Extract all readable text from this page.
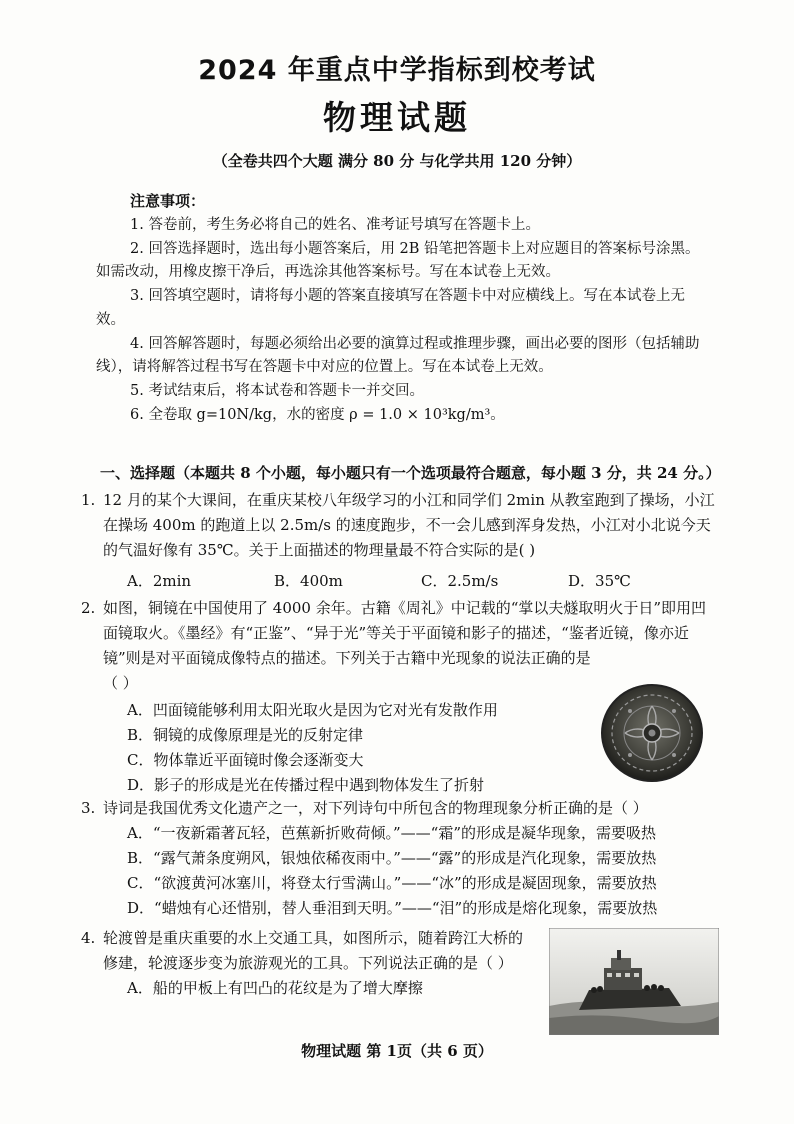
2024 年重点中学指标到校考试
物理试题
（全卷共四个大题 满分 80 分 与化学共用 120 分钟）
注意事项：

1. 答卷前，考生务必将自己的姓名、准考证号填写在答题卡上。

2. 回答选择题时，选出每小题答案后，用 2B 铅笔把答题卡上对应题目的答案标号涂黑。如需改动，用橡皮擦干净后，再选涂其他答案标号。写在本试卷上无效。

3. 回答填空题时，请将每小题的答案直接填写在答题卡中对应横线上。写在本试卷上无效。

4. 回答解答题时，每题必须给出必要的演算过程或推理步骤，画出必要的图形（包括辅助线），请将解答过程书写在答题卡中对应的位置上。写在本试卷上无效。

5. 考试结束后，将本试卷和答题卡一并交回。

6. 全卷取 g=10N/kg，水的密度 ρ = 1.0 × 10³kg/m³。

一、选择题（本题共 8 个小题，每小题只有一个选项最符合题意，每小题 3 分，共 24 分。）

1. 12 月的某个大课间，在重庆某校八年级学习的小江和同学们 2min 从教室跑到了操场，小江在操场 400m 的跑道上以 2.5m/s 的速度跑步，不一会儿感到浑身发热，小江对小北说今天的气温好像有 35℃。关于上面描述的物理量最不符合实际的是( )

A．2min	B．400m	C．2.5m/s	D．35℃

2. 如图，铜镜在中国使用了 4000 余年。古籍《周礼》中记载的“掌以夫燧取明火于日”即用凹面镜取火。《墨经》有“正鉴”、“异于光”等关于平面镜和影子的描述，“鉴者近镜，像亦近镜”则是对平面镜成像特点的描述。下列关于古籍中光现象的说法正确的是

（ ）

A．凹面镜能够利用太阳光取火是因为它对光有发散作用

B．铜镜的成像原理是光的反射定律

C．物体靠近平面镜时像会逐渐变大

D．影子的形成是光在传播过程中遇到物体发生了折射

3. 诗词是我国优秀文化遗产之一，对下列诗句中所包含的物理现象分析正确的是（ ）

A．“一夜新霜著瓦轻，芭蕉新折败荷倾。”——“霜”的形成是凝华现象，需要吸热

B．“露气萧条度朔风，银烛依稀夜雨中。”——“露”的形成是汽化现象，需要放热

C．“欲渡黄河冰塞川，将登太行雪满山。”——“冰”的形成是凝固现象，需要放热

D．“蜡烛有心还惜别，替人垂泪到天明。”——“泪”的形成是熔化现象，需要放热

4. 轮渡曾是重庆重要的水上交通工具，如图所示，随着跨江大桥的修建，轮渡逐步变为旅游观光的工具。下列说法正确的是（ ）

A．船的甲板上有凹凸的花纹是为了增大摩擦

物理试题 第 1页（共 6 页）
